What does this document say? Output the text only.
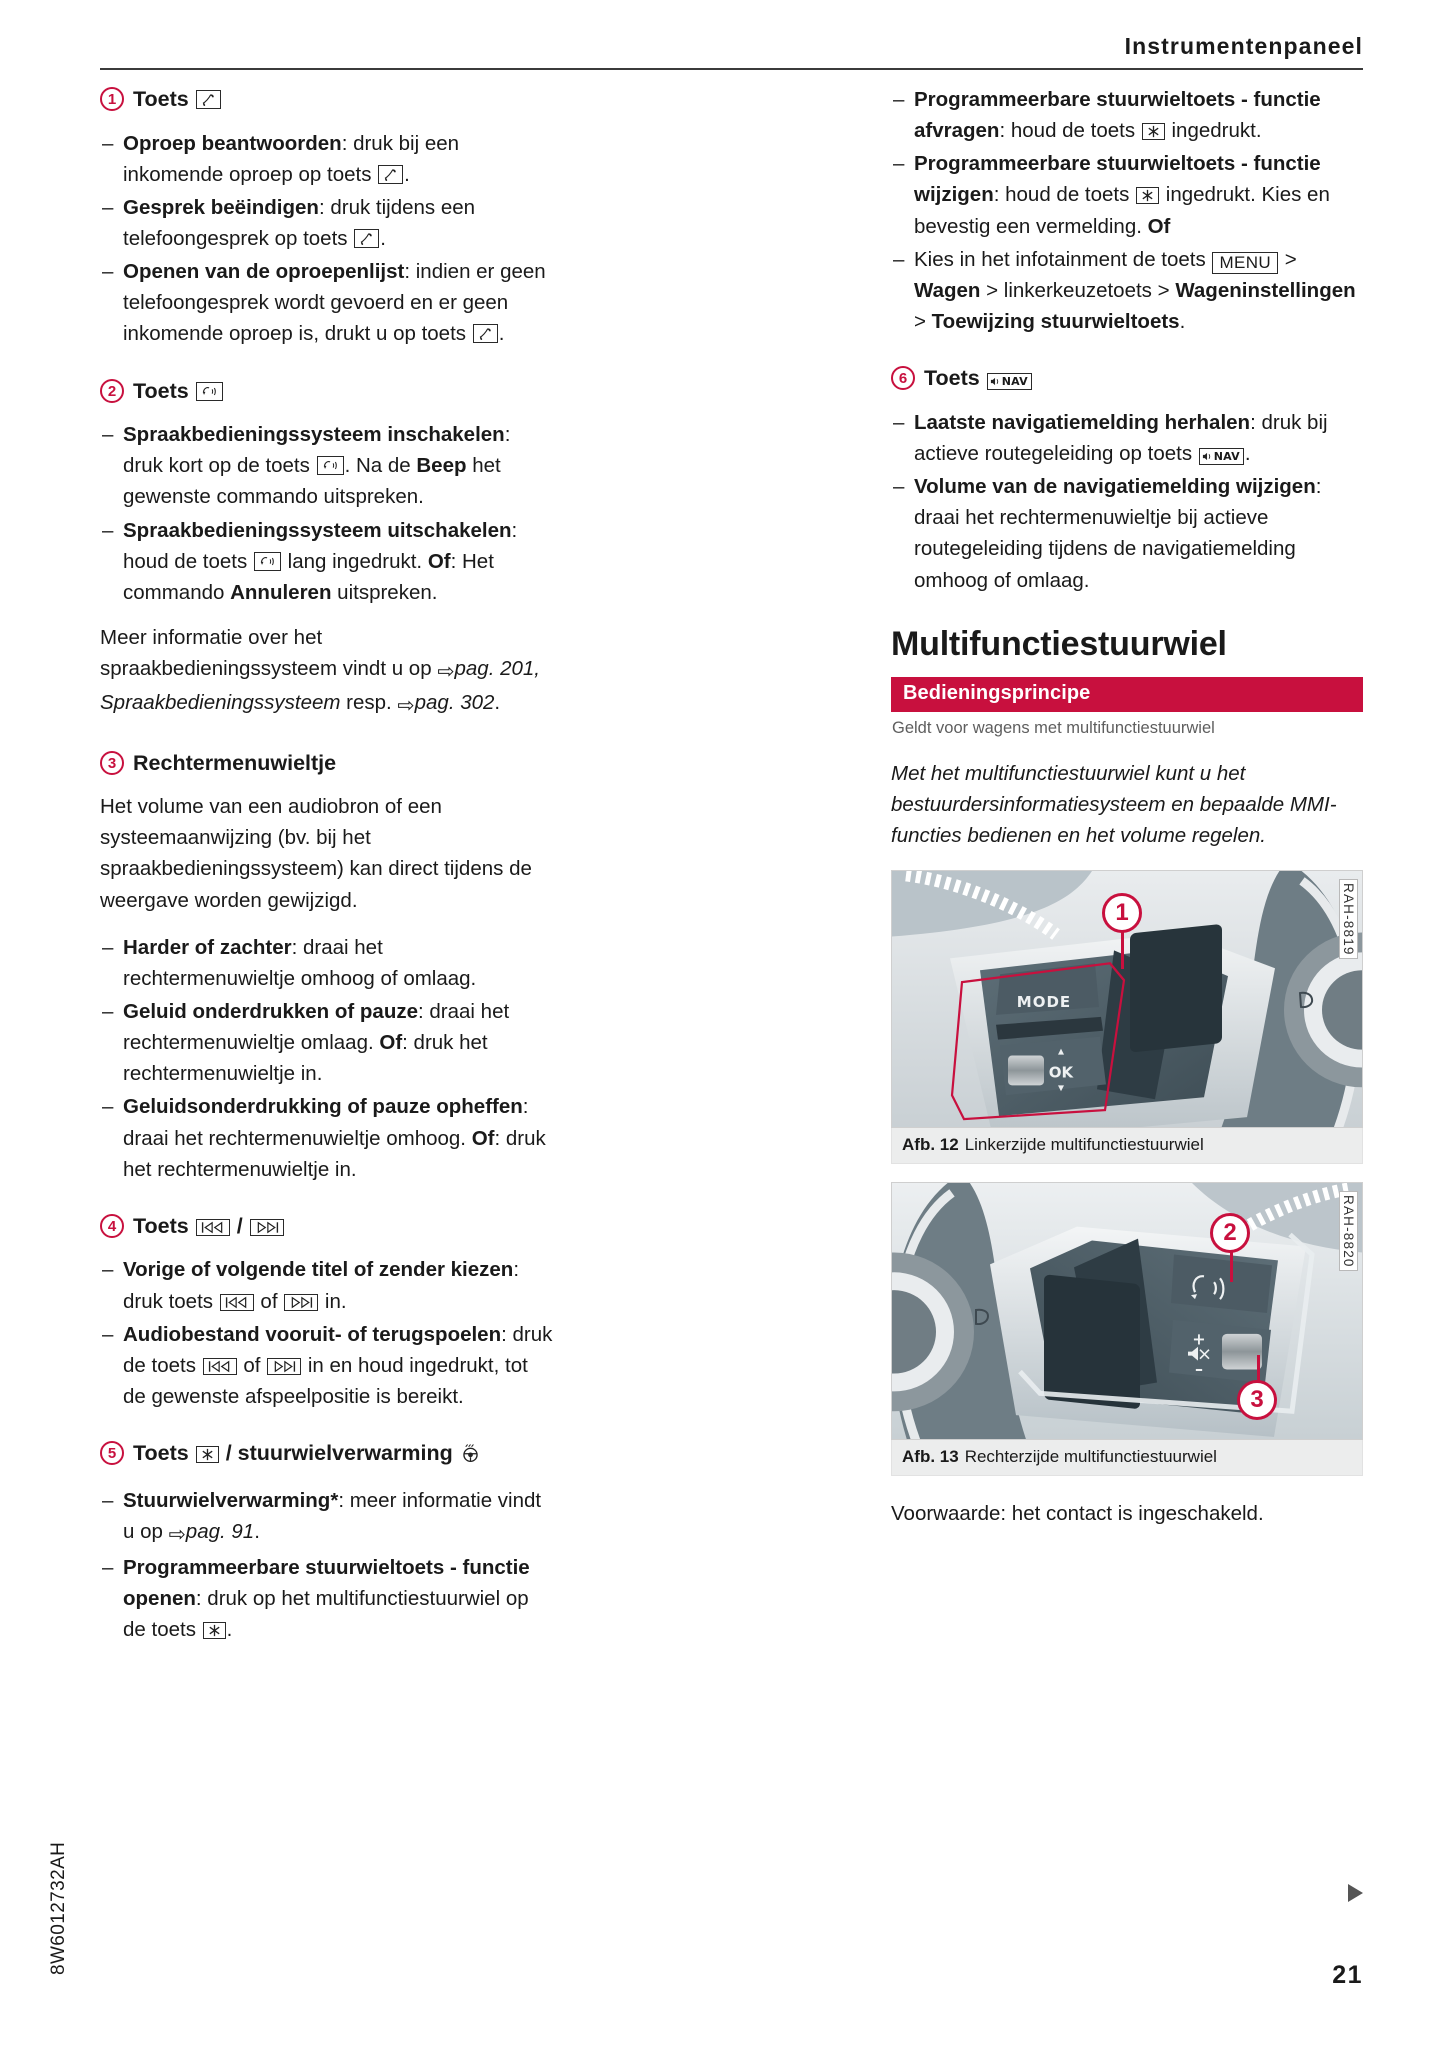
Instrumentenpaneel
8W6012732AH	21
1 Toets
– Oproep beantwoorden: druk bij een inkomende oproep op toets
.
– Gesprek beëindigen: druk tijdens een telefoongesprek op toets
.
– Openen van de oproepenlijst: indien er geen telefoongesprek wordt gevoerd en er geen inkomende oproep is, drukt u op toets
.
2 Toets
– Spraakbedieningssysteem inschakelen: druk kort op de toets
. Na de Beep het gewenste commando uitspreken.
– Spraakbedieningssysteem uitschakelen: houd de toets
lang ingedrukt. Of: Het commando Annuleren uitspreken.

Meer informatie over het spraakbedieningssysteem vindt u op ⇨pag. 201, Spraakbedieningssysteem resp. ⇨pag. 302.

3 Rechtermenuwieltje

Het volume van een audiobron of een systeemaanwijzing (bv. bij het spraakbedieningssysteem) kan direct tijdens de weergave worden gewijzigd.

– Harder of zachter: draai het rechtermenuwieltje omhoog of omlaag.
– Geluid onderdrukken of pauze: draai het rechtermenuwieltje omlaag. Of: druk het rechtermenuwieltje in.
– Geluidsonderdrukking of pauze opheffen: draai het rechtermenuwieltje omhoog. Of: druk het rechtermenuwieltje in.
4 Toets /
– Vorige of volgende titel of zender kiezen: druk toets
of
in.
– Audiobestand vooruit- of terugspoelen: druk de toets
of
in en houd ingedrukt, tot de gewenste afspeelpositie is bereikt.
5 Toets / stuurwielverwarming
– Stuurwielverwarming*: meer informatie vindt u op ⇨pag. 91.
– Programmeerbare stuurwieltoets - functie openen: druk op het multifunctiestuurwiel op de toets
.
– Programmeerbare stuurwieltoets - functie afvragen: houd de toets
ingedrukt.
– Programmeerbare stuurwieltoets - functie wijzigen: houd de toets
ingedrukt. Kies en bevestig een vermelding. Of
– Kies in het infotainment de toets MENU > Wagen > linkerkeuzetoets > Wageninstellingen > Toewijzing stuurwieltoets.
6 Toets NAV
– Laatste navigatiemelding herhalen: druk bij actieve routegeleiding op toets NAV .
– Volume van de navigatiemelding wijzigen: draai het rechtermenuwieltje bij actieve routegeleiding tijdens de navigatiemelding omhoog of omlaag.
Multifunctiestuurwiel
Bedieningsprincipe
Geldt voor wagens met multifunctiestuurwiel

Met het multifunctiestuurwiel kunt u het bestuurdersinformatiesysteem en bepaalde MMI-functies bedienen en het volume regelen.

MODE
OK
1	RAH-8819
Afb. 12 Linkerzijde multifunctiestuurwiel
+
–
2
3
RAH-8820
Afb. 13 Rechterzijde multifunctiestuurwiel

Voorwaarde: het contact is ingeschakeld.
